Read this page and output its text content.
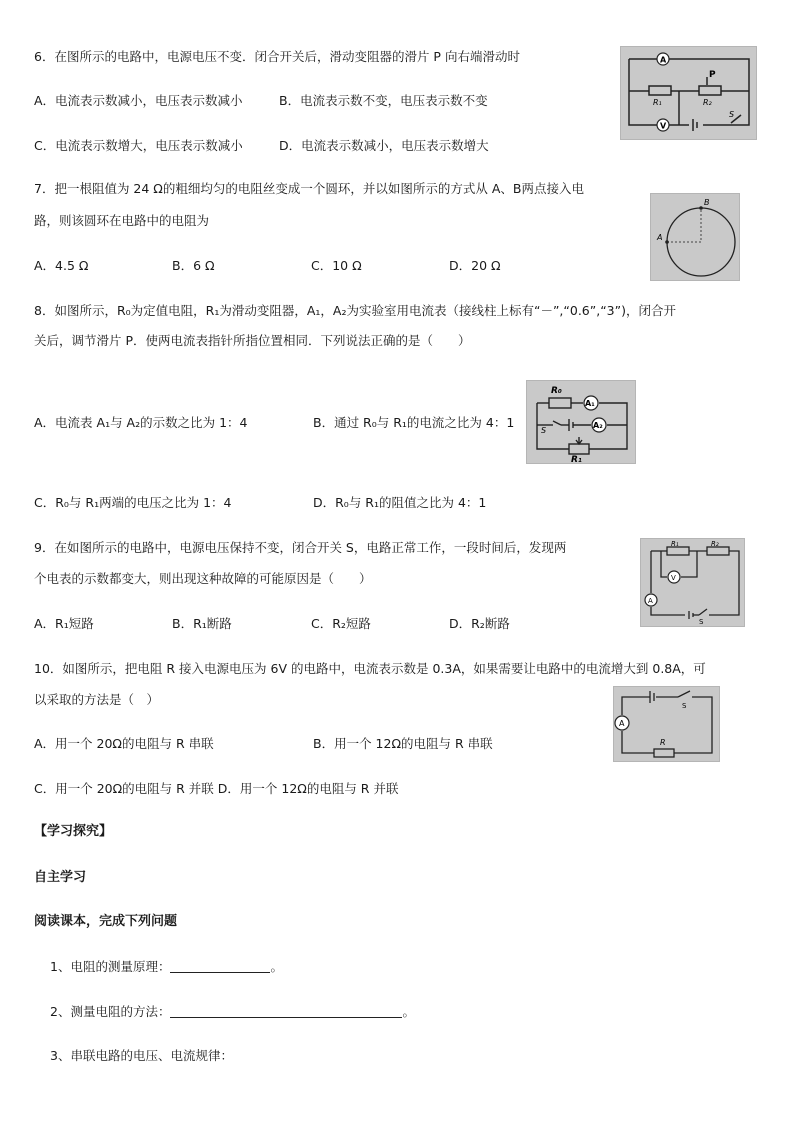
6．在图所示的电路中，电源电压不变．闭合开关后，滑动变阻器的滑片 P 向右端滑动时
A．电流表示数减小，电压表示数减小	B．电流表示数不变，电压表示数不变
C．电流表示数增大，电压表示数减小	D．电流表示数减小，电压表示数增大
A
V
R₁	R₂
P
S
7．把一根阻值为 24 Ω的粗细均匀的电阻丝变成一个圆环，并以如图所示的方式从 A、B两点接入电
路，则该圆环在电路中的电阻为
A．4.5 Ω	B．6 Ω	C．10 Ω	D．20 Ω
A
B
8．如图所示，R₀为定值电阻，R₁为滑动变阻器，A₁，A₂为实验室用电流表（接线柱上标有“－”,“0.6”,“3”)，闭合开
关后，调节滑片 P．使两电流表指针所指位置相同．下列说法正确的是（　　）
A．电流表 A₁与 A₂的示数之比为 1：4	B．通过 R₀与 R₁的电流之比为 4：1
C．R₀与 R₁两端的电压之比为 1：4	D．R₀与 R₁的阻值之比为 4：1
R₀
A₁
A₂
S
R₁
9．在如图所示的电路中，电源电压保持不变，闭合开关 S，电路正常工作，一段时间后，发现两
个电表的示数都变大，则出现这种故障的可能原因是（　　）
A．R₁短路	B．R₁断路	C．R₂短路	D．R₂断路
R₁	R₂
V
A
S
10．如图所示，把电阻 R 接入电源电压为 6V 的电路中，电流表示数是 0.3A，如果需要让电路中的电流增大到 0.8A，可
以采取的方法是（　）
A．用一个 20Ω的电阻与 R 串联	B．用一个 12Ω的电阻与 R 串联
C．用一个 20Ω的电阻与 R 并联 D．用一个 12Ω的电阻与 R 并联
A
R
S
【学习探究】
自主学习
阅读课本，完成下列问题
1、电阻的测量原理：	。
2、测量电阻的方法：	。
3、串联电路的电压、电流规律：
